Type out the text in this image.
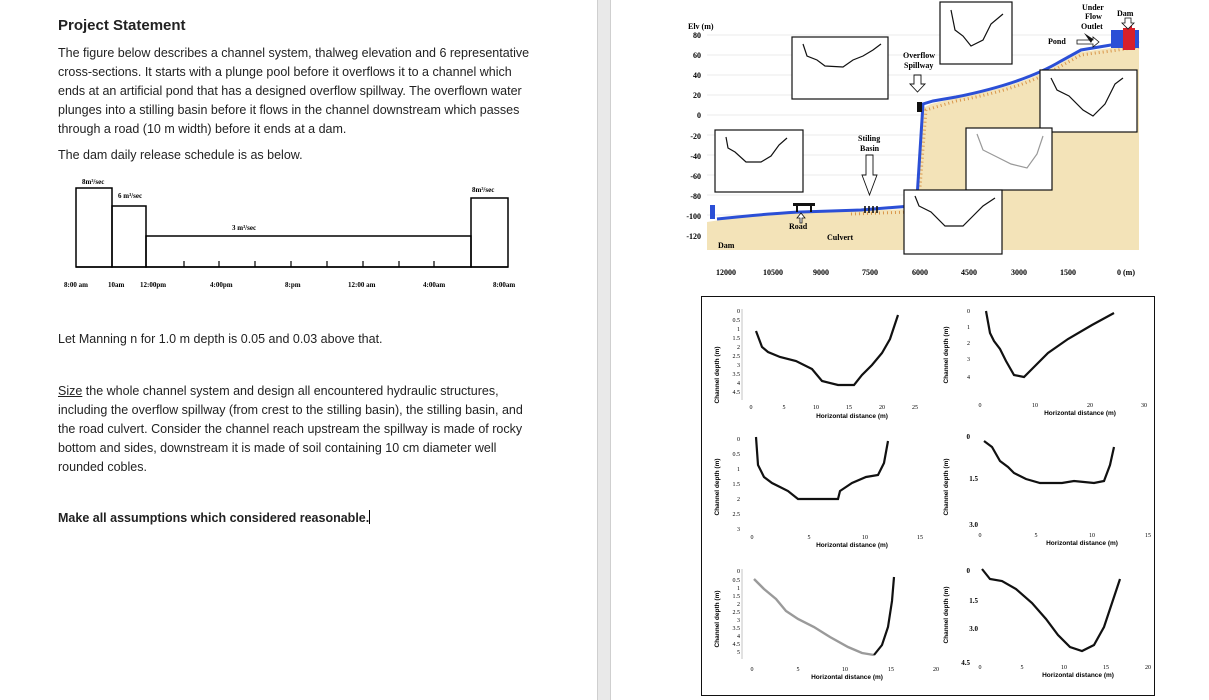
Project Statement

The figure below describes a channel system, thalweg elevation and 6 representative cross-sections. It starts with a plunge pool before it overflows it to a channel which ends at an artificial pond that has a designed overflow spillway. The overflown water plunges into a stilling basin before it flows in the channel downstream which passes through a road (10 m width) before it ends at a dam.

The dam daily release schedule is as below.

8m³/sec
6 m³/sec
3 m³/sec
8m³/sec
8:00 am	10am 12:00pm	4:00pm	8:pm	12:00 am	4:00am	8:00am

Let Manning n for 1.0 m depth is 0.05 and 0.03 above that.

Size the whole channel system and design all encountered hydraulic structures, including the overflow spillway (from crest to the stilling basin), the stilling basin, and the road culvert. Consider the channel reach upstream the spillway is made of rocky bottom and sides, downstream it is made of soil containing 10 cm diameter well rounded cobles.

Make all assumptions which considered reasonable.

Elv (m)
80
60
40
20
0
-20
-40
-60
-80
-100
-120
Under
Flow
Outlet
Dam
Pond
Overflow
Spillway
Stiling
Basin
Road
Culvert
Dam
12000	10500	9000	7500	6000	4500	3000	1500	0 (m)
Channel depth (m)
0
0.5
1
1.5
2
2.5
3
3.5
4
4.5
0	5	10	15	20	25
Horizontal distance (m)
Channel depth (m)
0
1
2
3
4
0	10	20	30
Horizontal distance (m)
Channel depth (m)
0
0.5
1
1.5
2
2.5
3
0	5	10	15
Horizontal distance (m)
Channel depth (m)
0
1.5
3.0
0	5	10	15
Horizontal distance (m)
Channel depth (m)
0
0.5
1
1.5
2
2.5
3
3.5
4
4.5
5
0	5	10	15	20
Horizontal distance (m)
Channel depth (m)
0
1.5
3.0
4.5
0	5	10	15	20
Horizontal distance (m)
